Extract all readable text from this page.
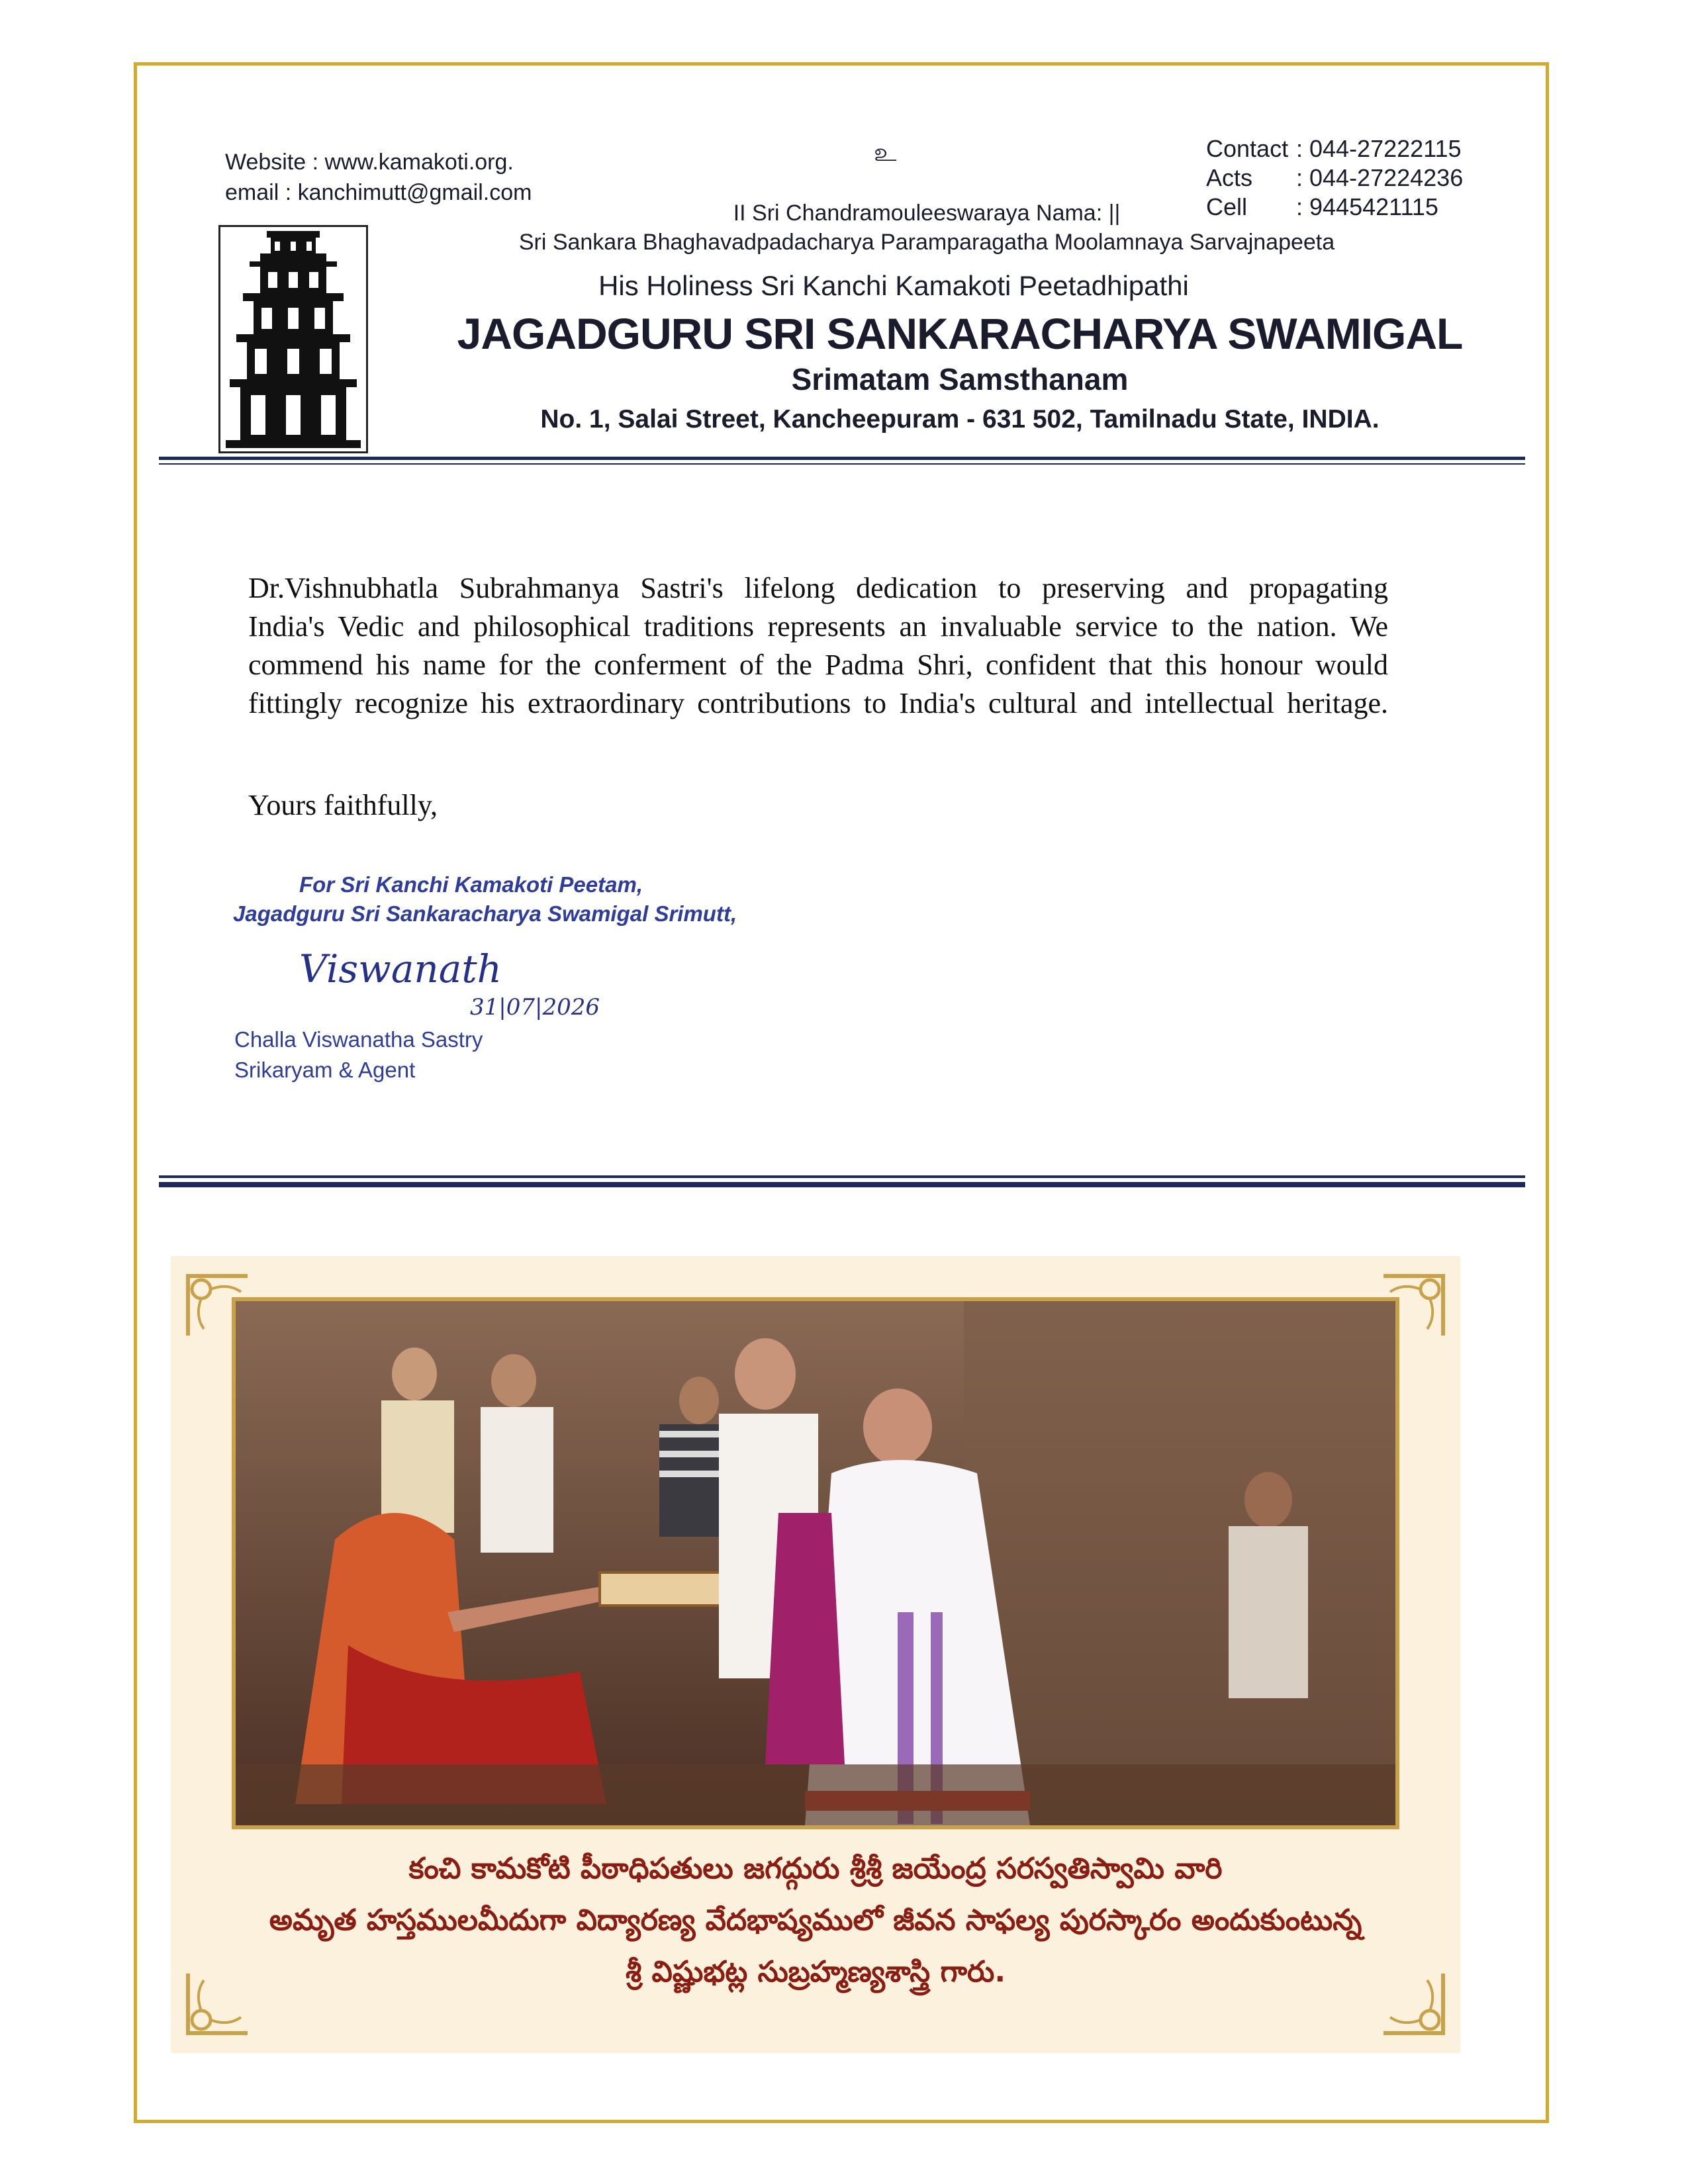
Website : www.kamakoti.org.
email : kanchimutt@gmail.com
உ
II Sri Chandramouleeswaraya Nama: ||
Sri Sankara Bhaghavadpadacharya Paramparagatha Moolamnaya Sarvajnapeeta
His Holiness Sri Kanchi Kamakoti Peetadhipathi
JAGADGURU SRI SANKARACHARYA SWAMIGAL
Srimatam Samsthanam
No. 1, Salai Street, Kancheepuram - 631 502, Tamilnadu State, INDIA.
Contact : 044-27222115
Acts	: 044-27224236
Cell	: 9445421115
Dr.Vishnubhatla Subrahmanya Sastri's lifelong dedication to preserving and propagating
India's Vedic and philosophical traditions represents an invaluable service to the nation. We
commend his name for the conferment of the Padma Shri, confident that this honour would
fittingly recognize his extraordinary contributions to India's cultural and intellectual heritage.
Yours faithfully,
For Sri Kanchi Kamakoti Peetam,
Jagadguru Sri Sankaracharya Swamigal Srimutt,
Viswanath
31|07|2026
Challa Viswanatha Sastry
Srikaryam & Agent
కంచి కామకోటి పీఠాధిపతులు జగద్గురు శ్రీశ్రీ జయేంద్ర సరస్వతిస్వామి వారి
అమృత హస్తములమీదుగా విద్యారణ్య వేదభాష్యములో జీవన సాఫల్య పురస్కారం అందుకుంటున్న
శ్రీ విష్ణుభట్ల సుబ్రహ్మణ్యశాస్త్రి గారు.
